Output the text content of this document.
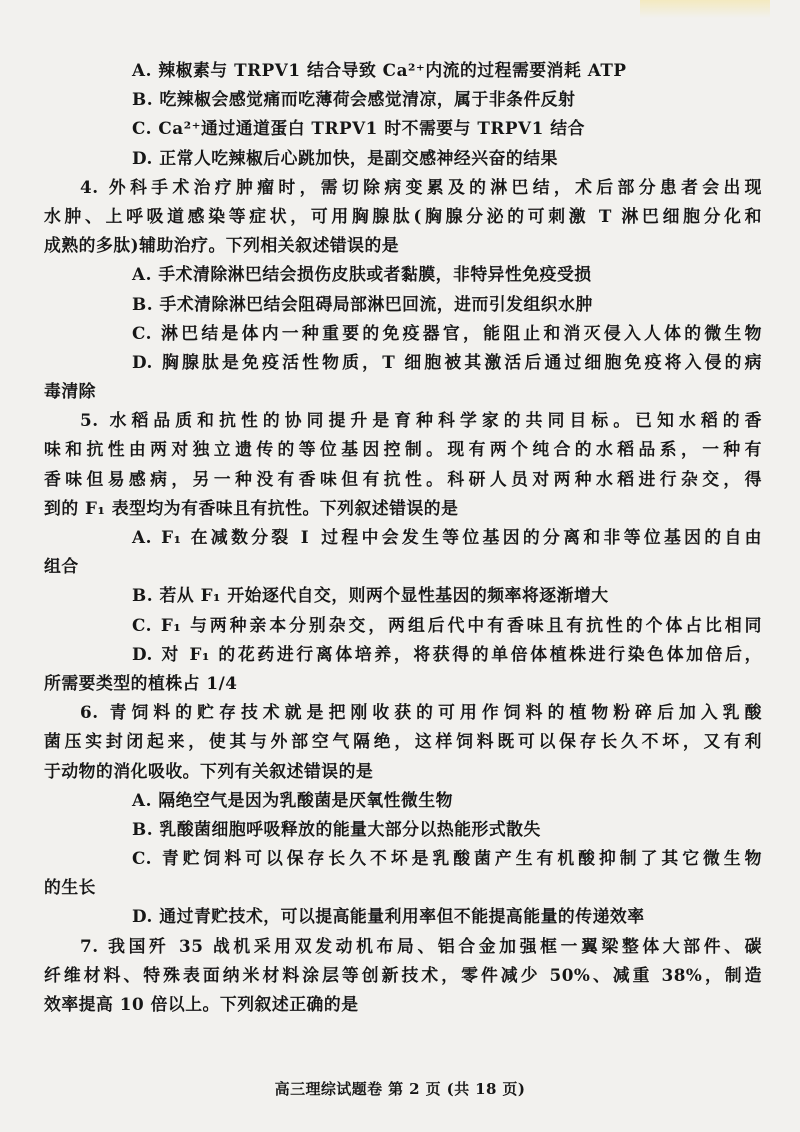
A. 辣椒素与 TRPV1 结合导致 Ca²⁺内流的过程需要消耗 ATP
B. 吃辣椒会感觉痛而吃薄荷会感觉清凉，属于非条件反射
C. Ca²⁺通过通道蛋白 TRPV1 时不需要与 TRPV1 结合
D. 正常人吃辣椒后心跳加快，是副交感神经兴奋的结果
4. 外科手术治疗肿瘤时，需切除病变累及的淋巴结，术后部分患者会出现
水肿、上呼吸道感染等症状，可用胸腺肽(胸腺分泌的可刺激 T 淋巴细胞分化和
成熟的多肽)辅助治疗。下列相关叙述错误的是
A. 手术清除淋巴结会损伤皮肤或者黏膜，非特异性免疫受损
B. 手术清除淋巴结会阻碍局部淋巴回流，进而引发组织水肿
C. 淋巴结是体内一种重要的免疫器官，能阻止和消灭侵入人体的微生物
D. 胸腺肽是免疫活性物质，T 细胞被其激活后通过细胞免疫将入侵的病
毒清除
5. 水稻品质和抗性的协同提升是育种科学家的共同目标。已知水稻的香
味和抗性由两对独立遗传的等位基因控制。现有两个纯合的水稻品系，一种有
香味但易感病，另一种没有香味但有抗性。科研人员对两种水稻进行杂交，得
到的 F₁ 表型均为有香味且有抗性。下列叙述错误的是
A. F₁ 在减数分裂 Ⅰ 过程中会发生等位基因的分离和非等位基因的自由
组合
B. 若从 F₁ 开始逐代自交，则两个显性基因的频率将逐渐增大
C. F₁ 与两种亲本分别杂交，两组后代中有香味且有抗性的个体占比相同
D. 对 F₁ 的花药进行离体培养，将获得的单倍体植株进行染色体加倍后，
所需要类型的植株占 1/4
6. 青饲料的贮存技术就是把刚收获的可用作饲料的植物粉碎后加入乳酸
菌压实封闭起来，使其与外部空气隔绝，这样饲料既可以保存长久不坏，又有利
于动物的消化吸收。下列有关叙述错误的是
A. 隔绝空气是因为乳酸菌是厌氧性微生物
B. 乳酸菌细胞呼吸释放的能量大部分以热能形式散失
C. 青贮饲料可以保存长久不坏是乳酸菌产生有机酸抑制了其它微生物
的生长
D. 通过青贮技术，可以提高能量利用率但不能提高能量的传递效率
7. 我国歼 35 战机采用双发动机布局、铝合金加强框一翼梁整体大部件、碳
纤维材料、特殊表面纳米材料涂层等创新技术，零件减少 50%、减重 38%，制造
效率提高 10 倍以上。下列叙述正确的是
高三理综试题卷 第 2 页 (共 18 页)
